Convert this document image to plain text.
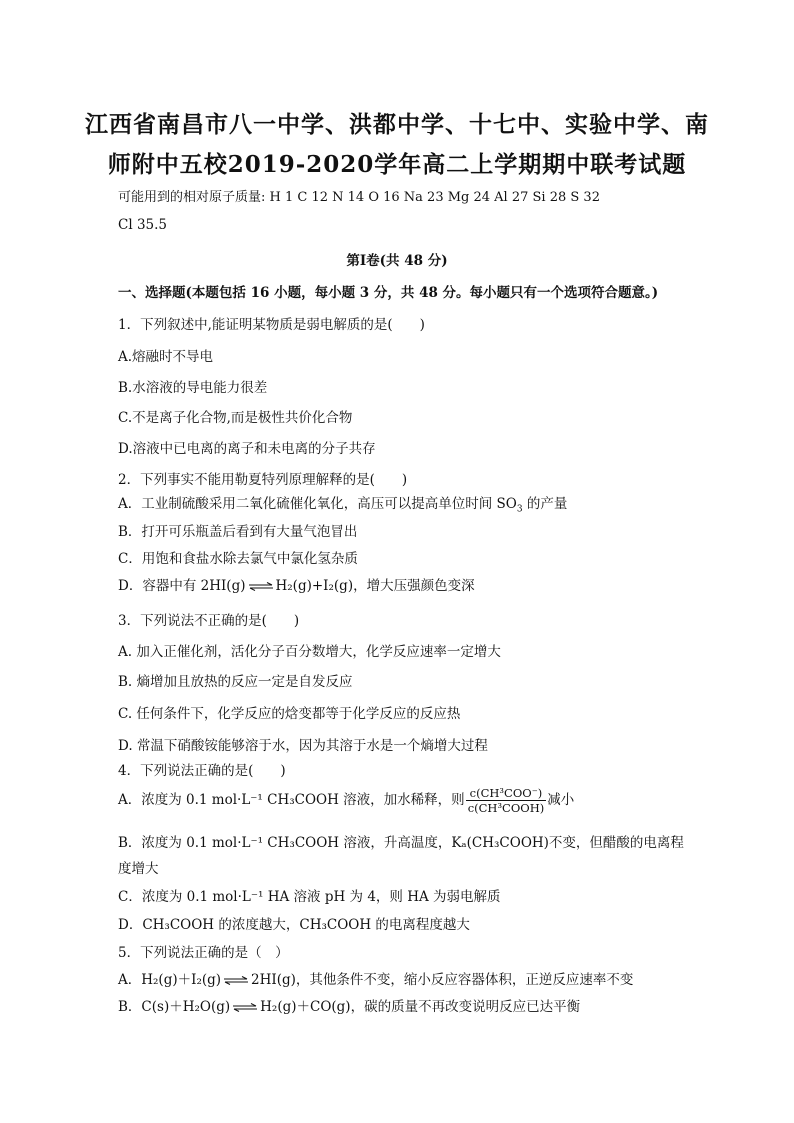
江西省南昌市八一中学、洪都中学、十七中、实验中学、南
师附中五校2019-2020学年高二上学期期中联考试题
可能用到的相对原子质量: H 1 C 12 N 14 O 16 Na 23 Mg 24 Al 27 Si 28 S 32
Cl 35.5
第Ⅰ卷(共 48 分)
一、选择题(本题包括 16 小题，每小题 3 分，共 48 分。每小题只有一个选项符合题意。)
1．下列叙述中,能证明某物质是弱电解质的是(　　)
A.熔融时不导电
B.水溶液的导电能力很差
C.不是离子化合物,而是极性共价化合物
D.溶液中已电离的离子和未电离的分子共存
2．下列事实不能用勒夏特列原理解释的是(　　)
A．工业制硫酸采用二氧化硫催化氧化，高压可以提高单位时间 $SO_3$ 的产量
B．打开可乐瓶盖后看到有大量气泡冒出
C．用饱和食盐水除去氯气中氯化氢杂质
D．容器中有 2HI(g) ⇌ H₂(g)+I₂(g)，增大压强颜色变深
3．下列说法不正确的是(　　)
A. 加入正催化剂，活化分子百分数增大，化学反应速率一定增大
B. 熵增加且放热的反应一定是自发反应
C. 任何条件下，化学反应的焓变都等于化学反应的反应热
D. 常温下硝酸铵能够溶于水，因为其溶于水是一个熵增大过程
4．下列说法正确的是(　　)
A．浓度为 0.1 mol·L⁻¹ CH₃COOH 溶液，加水稀释，则 $\frac{\text{c(CH³COO⁻)}}{\text{c(CH³COOH)}}$ 减小
B．浓度为 0.1 mol·L⁻¹ CH₃COOH 溶液，升高温度，Kₐ(CH₃COOH)不变，但醋酸的电离程
度增大
C．浓度为 0.1 mol·L⁻¹ HA 溶液 pH 为 4，则 HA 为弱电解质
D．CH₃COOH 的浓度越大，CH₃COOH 的电离程度越大
5．下列说法正确的是（　）
A．H₂(g)＋I₂(g) ⇌ 2HI(g)，其他条件不变，缩小反应容器体积，正逆反应速率不变
B．C(s)＋H₂O(g) ⇌ H₂(g)＋CO(g)，碳的质量不再改变说明反应已达平衡
